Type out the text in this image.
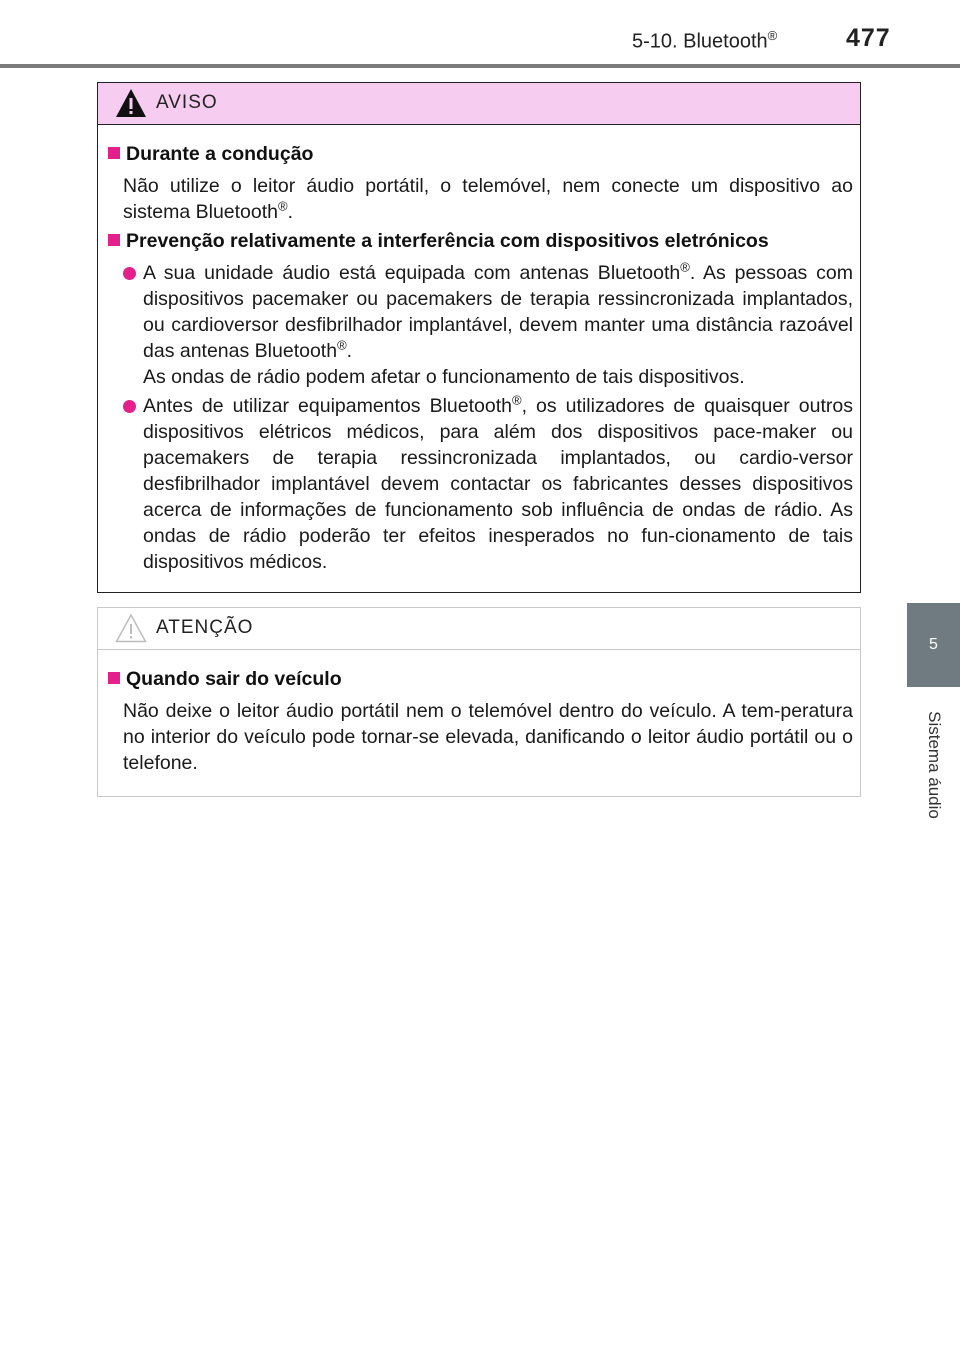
5-10. Bluetooth®	477
5
Sistema áudio
AVISO
Durante a condução
Não utilize o leitor áudio portátil, o telemóvel, nem conecte um dispositivo ao sistema Bluetooth®.
Prevenção relativamente a interferência com dispositivos eletrónicos
A sua unidade áudio está equipada com antenas Bluetooth®. As pessoas com dispositivos pacemaker ou pacemakers de terapia ressincronizada implantados, ou cardioversor desfibrilhador implantável, devem manter uma distância razoável das antenas Bluetooth®.
As ondas de rádio podem afetar o funcionamento de tais dispositivos.
Antes de utilizar equipamentos Bluetooth®, os utilizadores de quaisquer outros dispositivos elétricos médicos, para além dos dispositivos pace-maker ou pacemakers de terapia ressincronizada implantados, ou cardio-versor desfibrilhador implantável devem contactar os fabricantes desses dispositivos acerca de informações de funcionamento sob influência de ondas de rádio. As ondas de rádio poderão ter efeitos inesperados no fun-cionamento de tais dispositivos médicos.
ATENÇÃO
Quando sair do veículo
Não deixe o leitor áudio portátil nem o telemóvel dentro do veículo. A tem-peratura no interior do veículo pode tornar-se elevada, danificando o leitor áudio portátil ou o telefone.
